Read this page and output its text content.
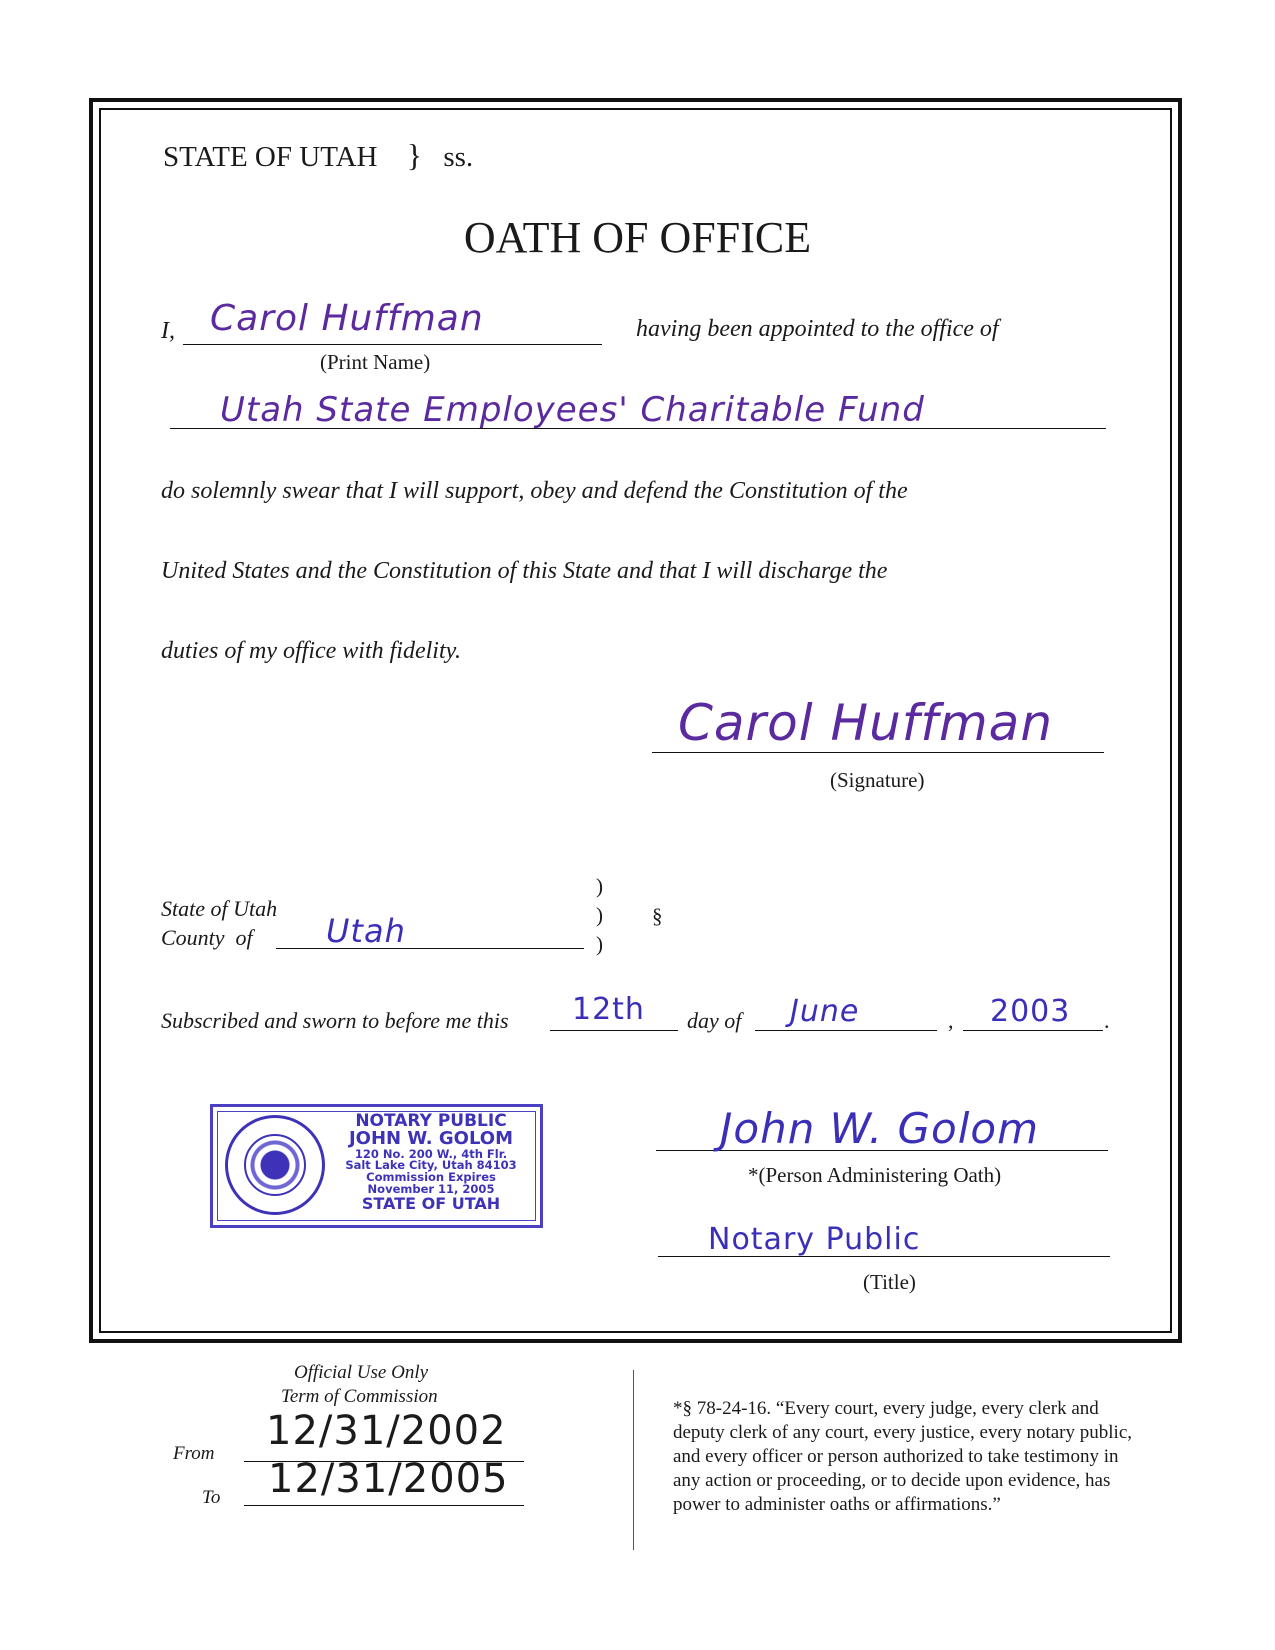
STATE OF UTAH } ss.
OATH OF OFFICE
I, Carol Huffman
(Print Name)
having been appointed to the office of
Utah State Employees' Charitable Fund
do solemnly swear that I will support, obey and defend the Constitution of the
United States and the Constitution of this State and that I will discharge the
duties of my office with fidelity.
Carol Huffman
(Signature)
State of Utah
County  of Utah
)
)
)
§
Subscribed and sworn to before me this 12th day of June	, 2003 .
NOTARY PUBLIC
JOHN W. GOLOM
120 No. 200 W., 4th Flr.
Salt Lake City, Utah 84103
Commission Expires
November 11, 2005
STATE OF UTAH
John W. Golom
*(Person Administering Oath)
Notary Public
(Title)
Official Use Only
Term of Commission
From 12/31/2002
To 12/31/2005
*§ 78-24-16. “Every court, every judge, every clerk and
deputy clerk of any court, every justice, every notary public,
and every officer or person authorized to take testimony in
any action or proceeding, or to decide upon evidence, has
power to administer oaths or affirmations.”
